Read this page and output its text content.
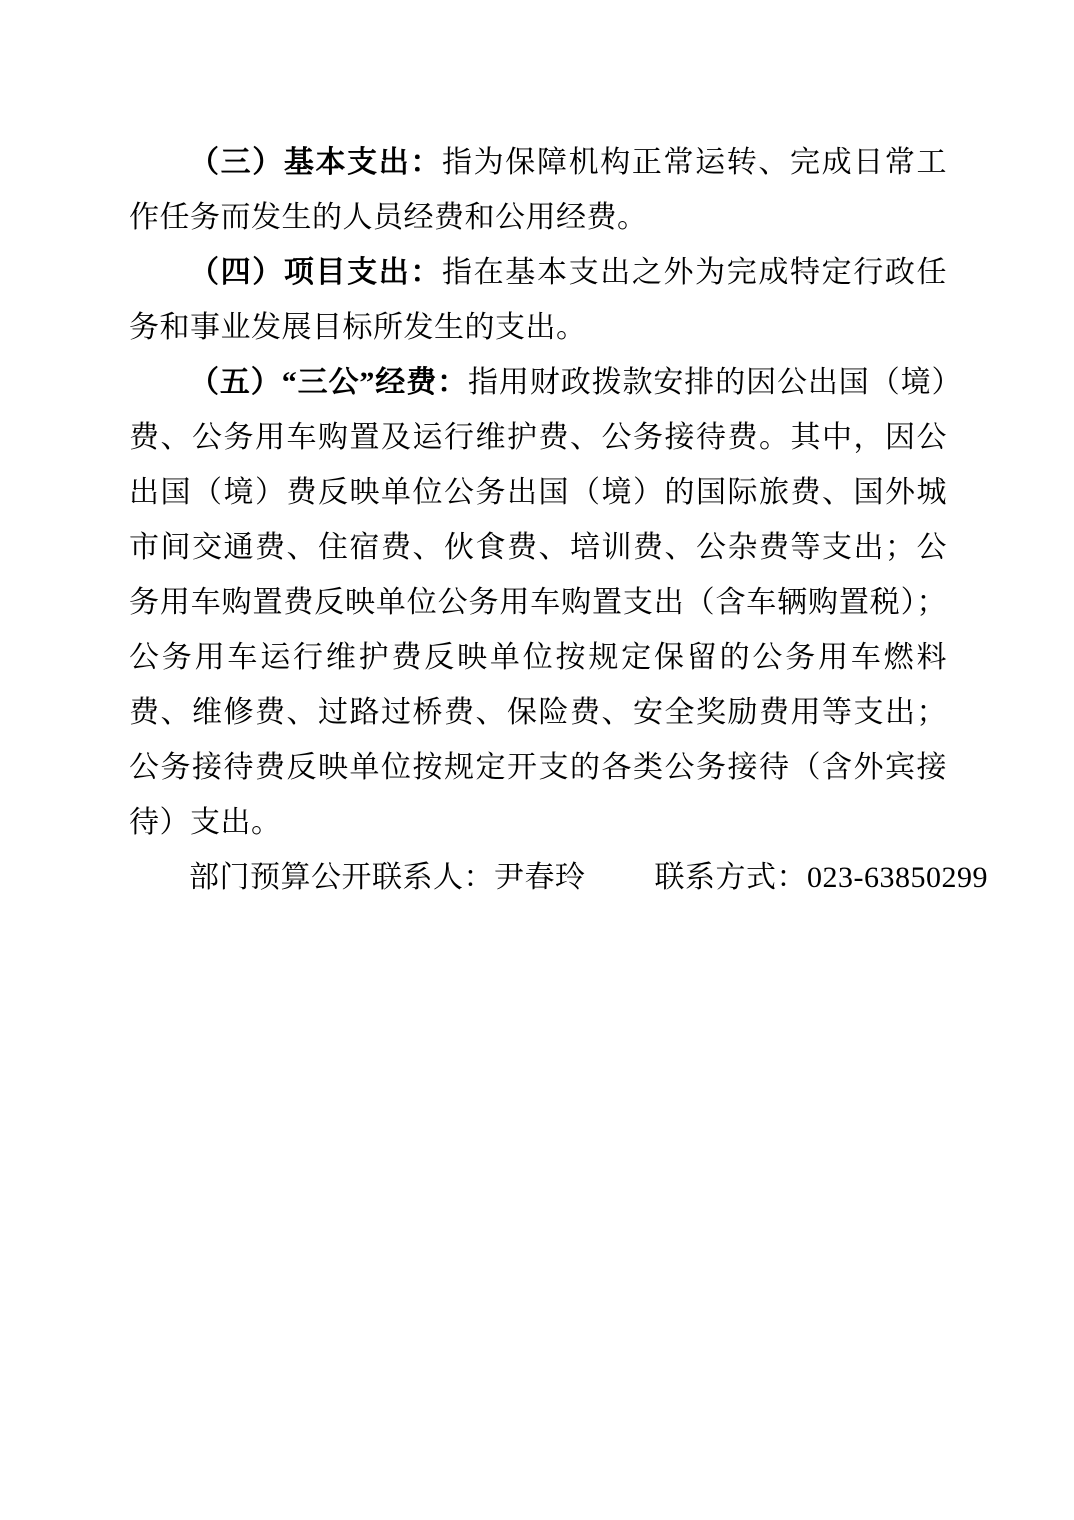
（三）基本支出：指为保障机构正常运转、完成日常工作任务而发生的人员经费和公用经费。

（四）项目支出：指在基本支出之外为完成特定行政任务和事业发展目标所发生的支出。

（五）“三公”经费：指用财政拨款安排的因公出国（境）费、公务用车购置及运行维护费、公务接待费。其中，因公出国（境）费反映单位公务出国（境）的国际旅费、国外城市间交通费、住宿费、伙食费、培训费、公杂费等支出；公务用车购置费反映单位公务用车购置支出（含车辆购置税）；公务用车运行维护费反映单位按规定保留的公务用车燃料费、维修费、过路过桥费、保险费、安全奖励费用等支出；公务接待费反映单位按规定开支的各类公务接待（含外宾接待）支出。

部门预算公开联系人：尹春玲 联系方式：023-63850299
